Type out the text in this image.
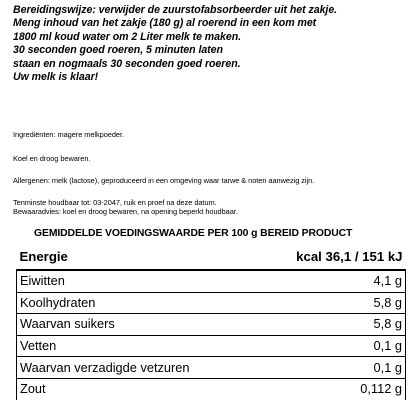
Bereidingswijze: verwijder de zuurstofabsorbeerder uit het zakje.
Meng inhoud van het zakje (180 g) al roerend in een kom met
1800 ml koud water om 2 Liter melk te maken.
30 seconden goed roeren, 5 minuten laten
staan en nogmaals 30 seconden goed roeren.
Uw melk is klaar!

Ingrediënten: magere melkpoeder.
Koel en droog bewaren.
Allergenen: melk (lactose), geproduceerd in een omgeving waar tarwe & noten aanwezig zijn.
Tenminste houdbaar tot: 03-2047, ruik en proef na deze datum.
Bewaaradvies: koel en droog bewaren, na opening beperkt houdbaar.
GEMIDDELDE VOEDINGSWAARDE PER 100 g BEREID PRODUCT
Energie	kcal 36,1 / 151 kJ
Eiwitten	4,1 g
Koolhydraten	5,8 g
Waarvan suikers	5,8 g
Vetten	0,1 g
Waarvan verzadigde vetzuren	0,1 g
Zout	0,112 g
